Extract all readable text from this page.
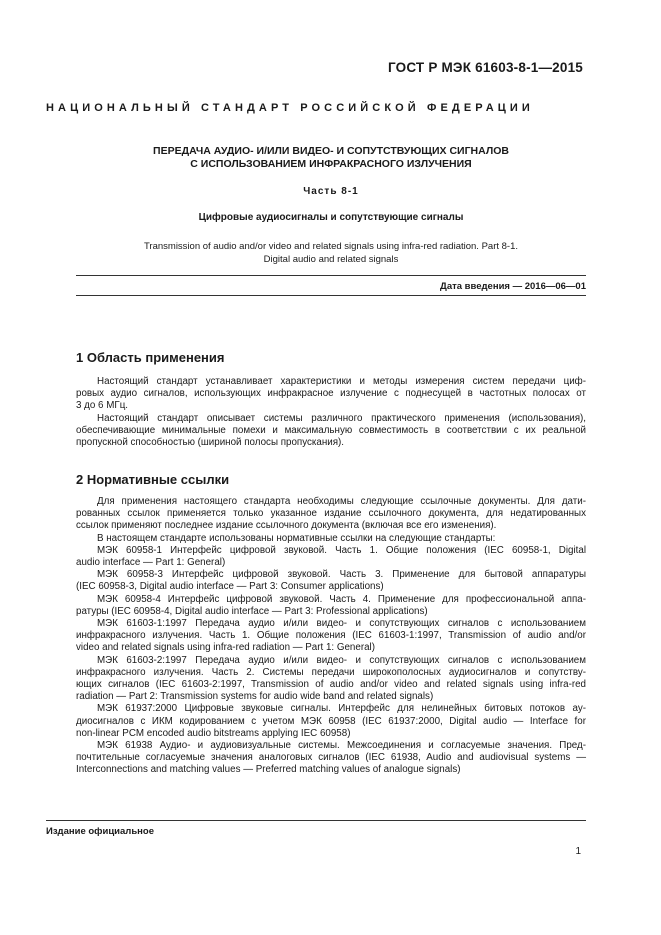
ГОСТ Р МЭК 61603-8-1—2015
НАЦИОНАЛЬНЫЙ СТАНДАРТ РОССИЙСКОЙ ФЕДЕРАЦИИ
ПЕРЕДАЧА АУДИО- И/ИЛИ ВИДЕО- И СОПУТСТВУЮЩИХ СИГНАЛОВ
С ИСПОЛЬЗОВАНИЕМ ИНФРАКРАСНОГО ИЗЛУЧЕНИЯ
Часть 8-1
Цифровые аудиосигналы и сопутствующие сигналы
Transmission of audio and/or video and related signals using infra-red radiation. Part 8-1.
Digital audio and related signals
Дата введения — 2016—06—01
1 Область применения
Настоящий стандарт устанавливает характеристики и методы измерения систем передачи циф-
ровых аудио сигналов, использующих инфракрасное излучение с поднесущей в частотных полосах от
3 до 6 МГц.
Настоящий стандарт описывает системы различного практического применения (использования),
обеспечивающие минимальные помехи и максимальную совместимость в соответствии с их реальной
пропускной способностью (шириной полосы пропускания).
2 Нормативные ссылки
Для применения настоящего стандарта необходимы следующие ссылочные документы. Для дати-
рованных ссылок применяется только указанное издание ссылочного документа, для недатированных
ссылок применяют последнее издание ссылочного документа (включая все его изменения).
В настоящем стандарте использованы нормативные ссылки на следующие стандарты:
МЭК 60958-1 Интерфейс цифровой звуковой. Часть 1. Общие положения (IEC 60958-1, Digital
audio interface — Part 1: General)
МЭК 60958-3 Интерфейс цифровой звуковой. Часть 3. Применение для бытовой аппаратуры
(IEC 60958-3, Digital audio interface — Part 3: Consumer applications)
МЭК 60958-4 Интерфейс цифровой звуковой. Часть 4. Применение для профессиональной аппа-
ратуры (IEC 60958-4, Digital audio interface — Part 3: Professional applications)
МЭК 61603-1:1997 Передача аудио и/или видео- и сопутствующих сигналов с использованием
инфракрасного излучения. Часть 1. Общие положения (IEC 61603-1:1997, Transmission of audio and/or
video and related signals using infra-red radiation — Part 1: General)
МЭК 61603-2:1997 Передача аудио и/или видео- и сопутствующих сигналов с использованием
инфракрасного излучения. Часть 2. Системы передачи широкополосных аудиосигналов и сопутству-
ющих сигналов (IEC 61603-2:1997, Transmission of audio and/or video and related signals using infra-red
radiation — Part 2: Transmission systems for audio wide band and related signals)
МЭК 61937:2000 Цифровые звуковые сигналы. Интерфейс для нелинейных битовых потоков ау-
диосигналов с ИКМ кодированием с учетом МЭК 60958 (IEC 61937:2000, Digital audio — Interface for
non-linear PCM encoded audio bitstreams applying IEC 60958)
МЭК 61938 Аудио- и аудиовизуальные системы. Межсоединения и согласуемые значения. Пред-
почтительные согласуемые значения аналоговых сигналов (IEC 61938, Audio and audiovisual systems —
Interconnections and matching values — Preferred matching values of analogue signals)
Издание официальное
1
